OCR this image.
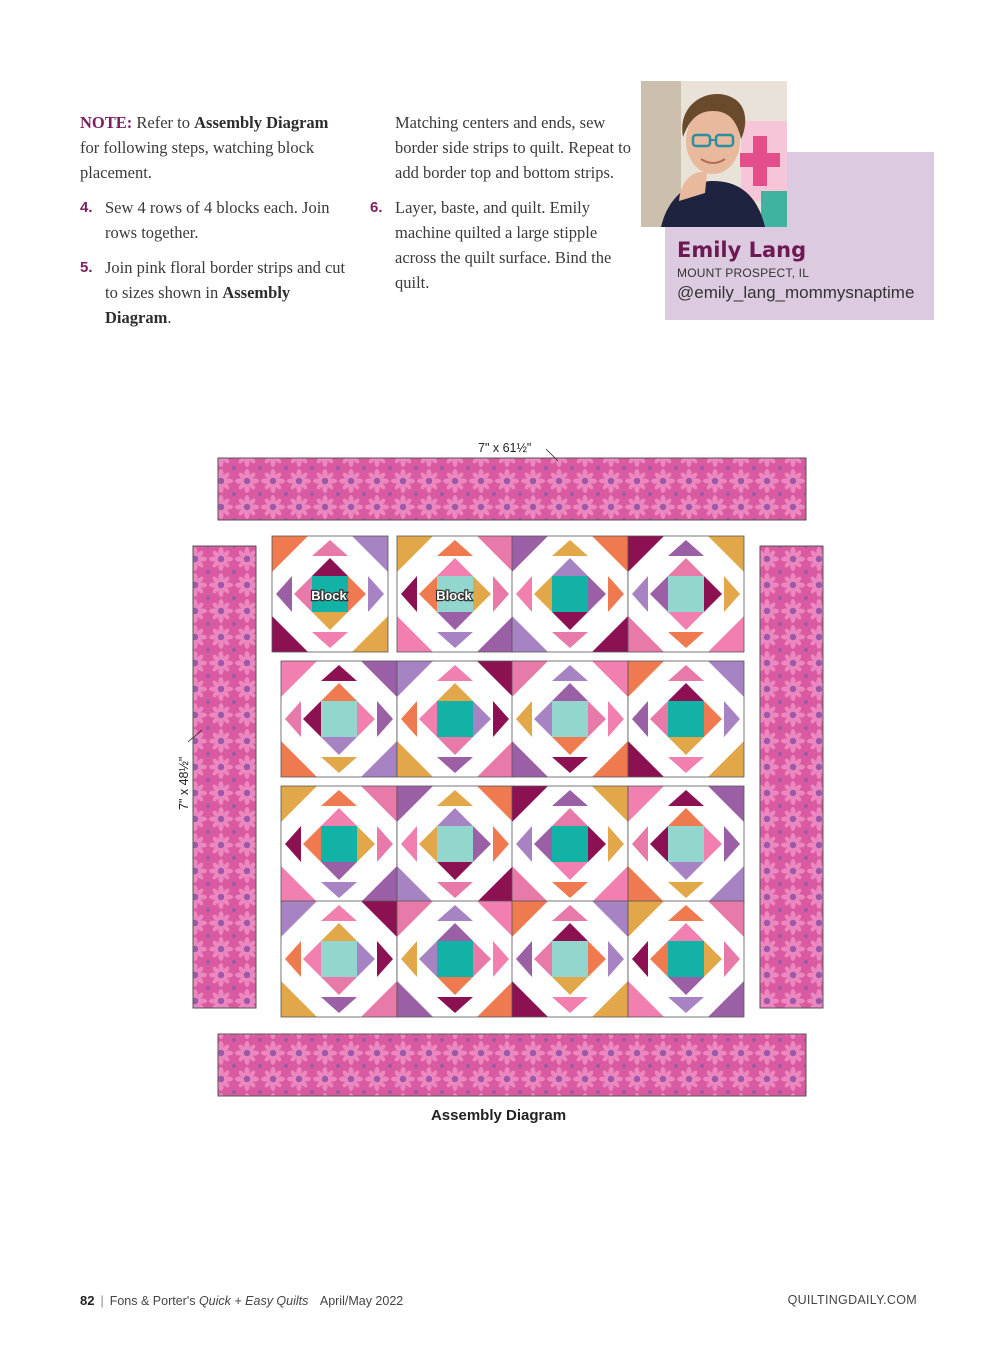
NOTE: Refer to Assembly Diagram for following steps, watching block placement.

4. Sew 4 rows of 4 blocks each. Join rows together.
5. Join pink floral border strips and cut to sizes shown in Assembly Diagram.
Matching centers and ends, sew border side strips to quilt. Repeat to add border top and bottom strips.
6. Layer, baste, and quilt. Emily machine quilted a large stipple across the quilt surface. Bind the quilt.
Emily Lang
MOUNT PROSPECT, IL
@emily_lang_mommysnaptime
7" x 61½"
7" x 48½"
Block	Block
Assembly Diagram
82 | Fons & Porter's Quick + Easy Quilts April/May 2022	QUILTINGDAILY.COM
